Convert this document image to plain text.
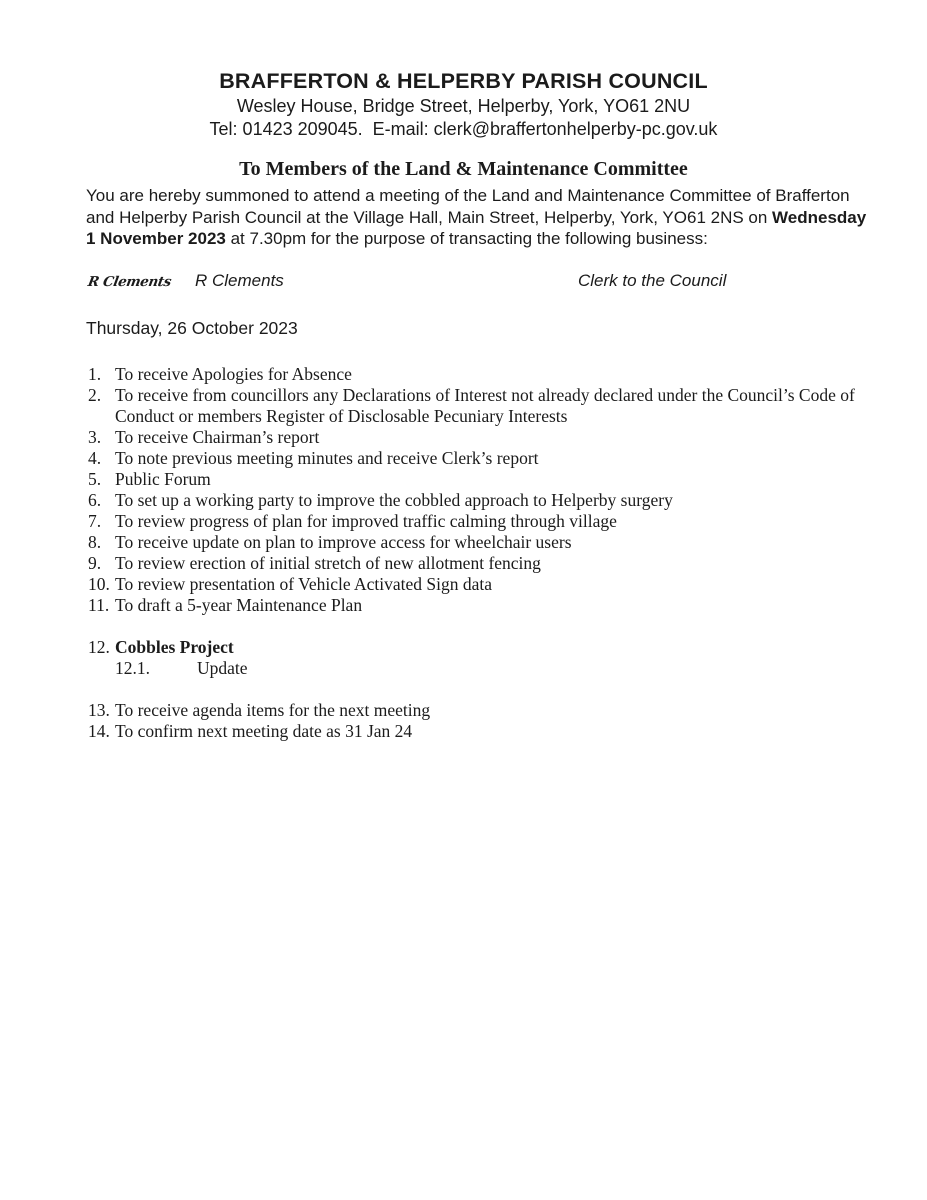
BRAFFERTON & HELPERBY PARISH COUNCIL
Wesley House, Bridge Street, Helperby, York, YO61 2NU
Tel: 01423 209045.  E-mail: clerk@braffertonhelperby-pc.gov.uk
To Members of the Land & Maintenance Committee

You are hereby summoned to attend a meeting of the Land and Maintenance Committee of Brafferton and Helperby Parish Council at the Village Hall, Main Street, Helperby, York, YO61 2NS on Wednesday 1 November 2023 at 7.30pm for the purpose of transacting the following business:

R Clements R Clements	Clerk to the Council
Thursday, 26 October 2023
1. To receive Apologies for Absence
2. To receive from councillors any Declarations of Interest not already declared under the Council’s Code of Conduct or members Register of Disclosable Pecuniary Interests
3. To receive Chairman’s report
4. To note previous meeting minutes and receive Clerk’s report
5. Public Forum
6. To set up a working party to improve the cobbled approach to Helperby surgery
7. To review progress of plan for improved traffic calming through village
8. To receive update on plan to improve access for wheelchair users
9. To review erection of initial stretch of new allotment fencing
10. To review presentation of Vehicle Activated Sign data
11. To draft a 5-year Maintenance Plan
12. Cobbles Project
12.1.	Update
13. To receive agenda items for the next meeting
14. To confirm next meeting date as 31 Jan 24
